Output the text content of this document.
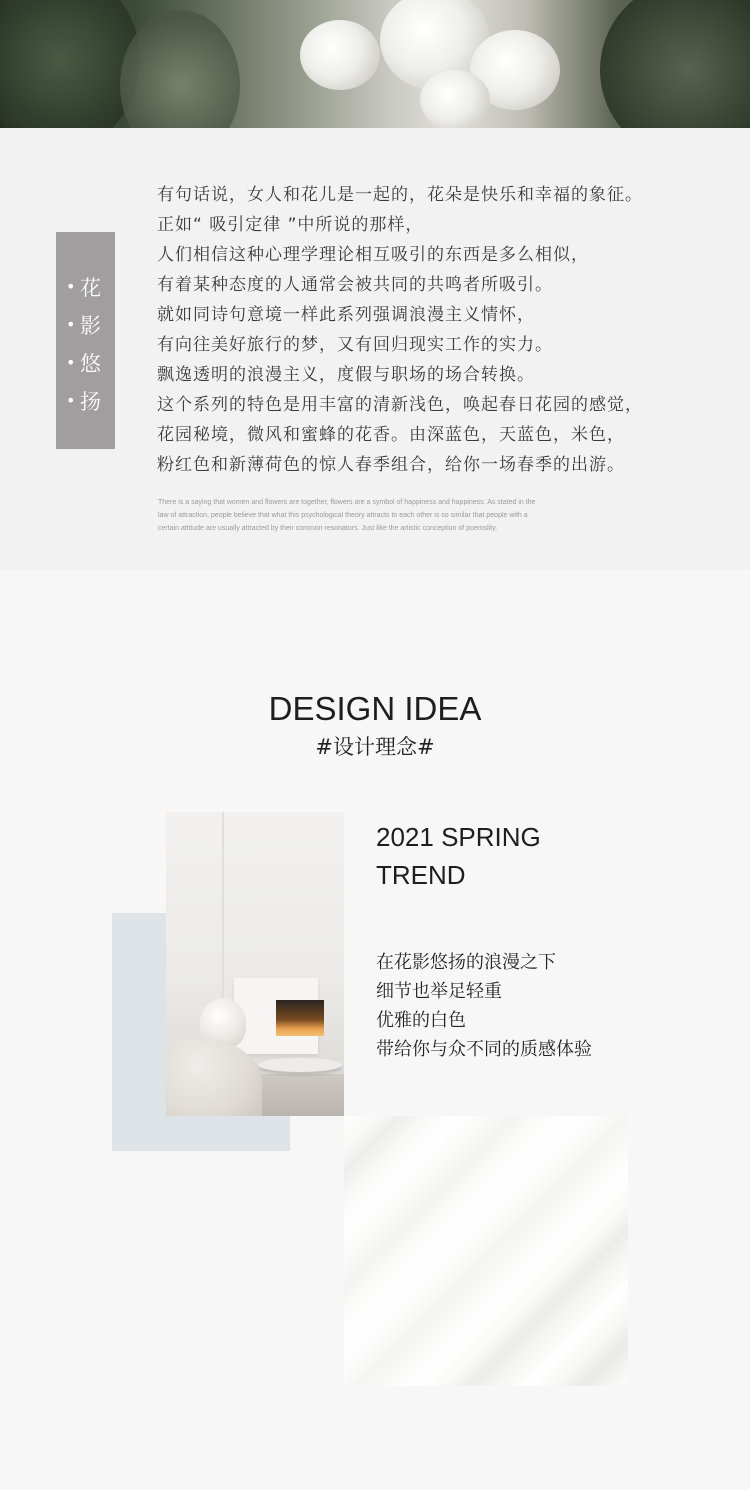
• 花
• 影
• 悠
• 扬
有句话说，女人和花儿是一起的，花朵是快乐和幸福的象征。
正如“ 吸引定律 ”中所说的那样，
人们相信这种心理学理论相互吸引的东西是多么相似，
有着某种态度的人通常会被共同的共鸣者所吸引。
就如同诗句意境一样此系列强调浪漫主义情怀，
有向往美好旅行的梦，又有回归现实工作的实力。
飘逸透明的浪漫主义，度假与职场的场合转换。
这个系列的特色是用丰富的清新浅色，唤起春日花园的感觉，
花园秘境，微风和蜜蜂的花香。由深蓝色，天蓝色，米色，
粉红色和新薄荷色的惊人春季组合，给你一场春季的出游。
There is a saying that women and flowers are together, flowers are a symbol of happiness and happiness. As stated in the
law of attraction, people believe that what this psychological theory attracts to each other is so similar that people with a
certain attitude are usually attracted by their common resonators. Just like the artistic conception of poemslity.
DESIGN IDEA
#设计理念#
2021 SPRING
TREND
在花影悠扬的浪漫之下
细节也举足轻重
优雅的白色
带给你与众不同的质感体验
